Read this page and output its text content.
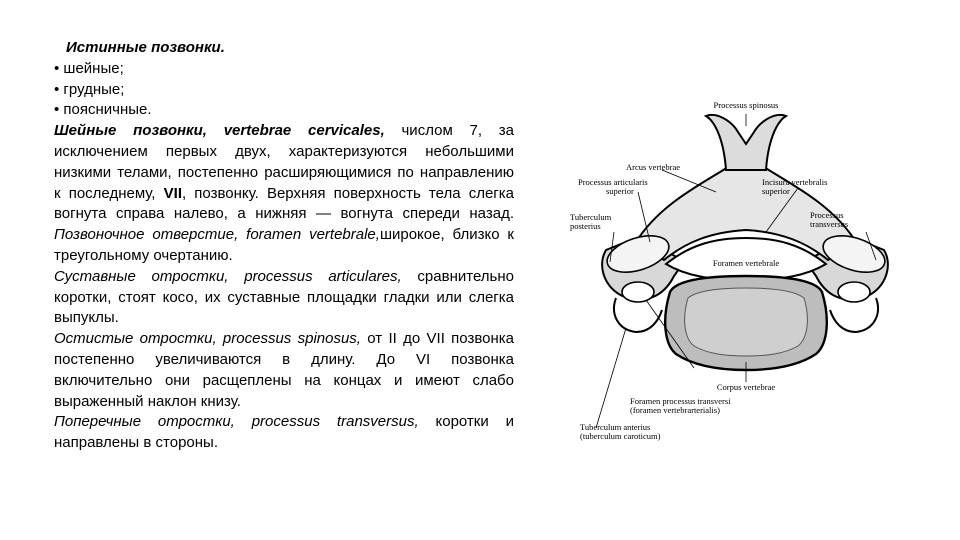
Истинные позвонки.

• шейные;

• грудные;

• поясничные.

Шейные позвонки, vertebrae cervicales, числом 7, за исключением первых двух, характеризуются небольшими низкими телами, постепенно расширяющимися по направлению к последнему, VII, позвонку. Верхняя поверхность тела слегка вогнута справа налево, а нижняя — вогнута спереди назад. Позвоночное отверстие, foramen vertebrale,широкое, близко к треугольному очертанию.

Суставные отростки, processus articulares, сравнительно коротки, стоят косо, их суставные площадки гладки или слегка выпуклы.

Остистые отростки, processus spinosus, от II до VII позвонка постепенно увеличиваются в длину. До VI позвонка включительно они расщеплены на концах и имеют слабо выраженный наклон книзу.

Поперечные отростки, processus transversus, коротки и направлены в стороны.

Processus spinosus
Arcus vertebrae
Processus articularis
superior
Incisura vertebralis
superior
Tuberculum
posterius
Processus
transversus
Foramen vertebrale
Corpus vertebrae
Foramen processus transversi
(foramen vertebrarterialis)
Tuberculum anterius
(tuberculum caroticum)
